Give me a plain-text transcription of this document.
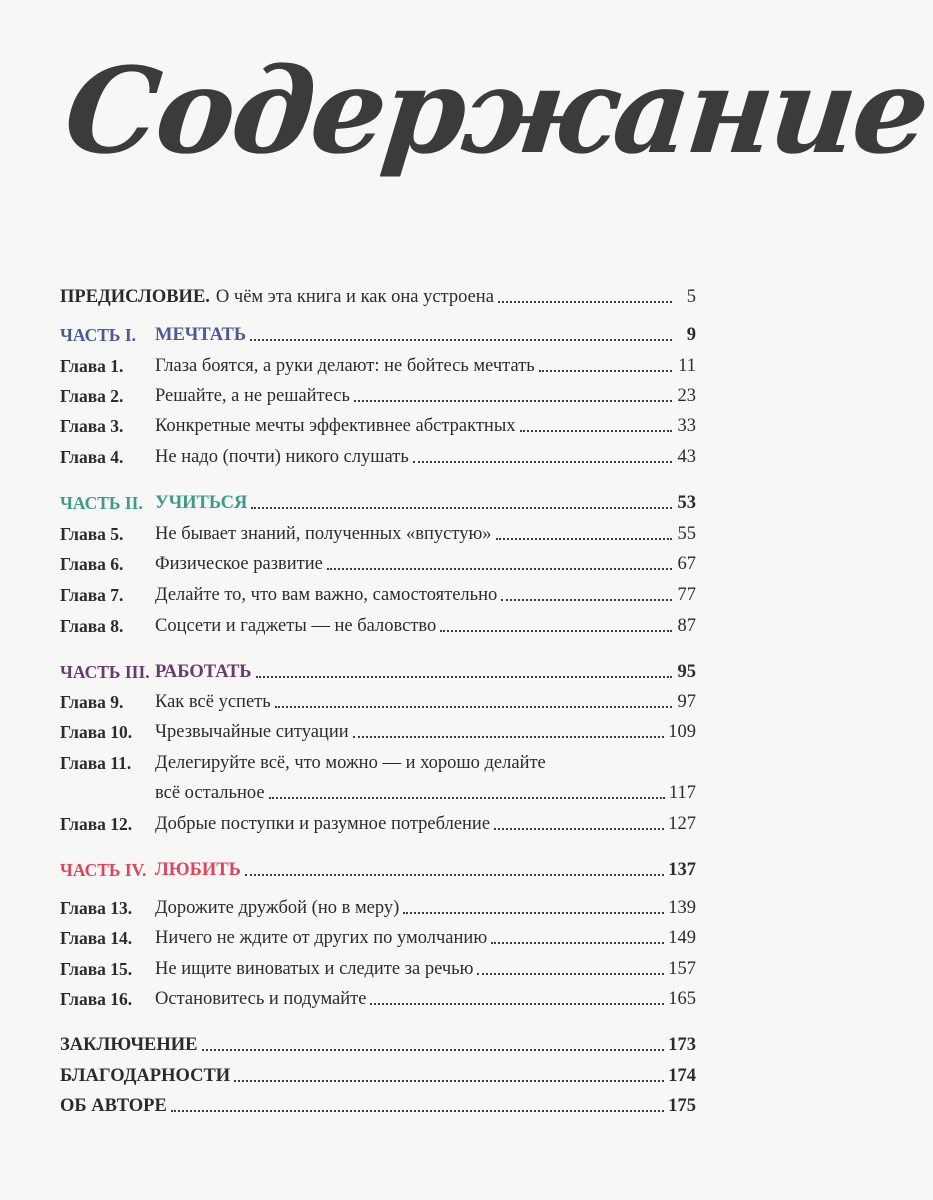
Содержание
ПРЕДИСЛОВИЕ. О чём эта книга и как она устроена	5
ЧАСТЬ I.	МЕЧТАТЬ	9
Глава 1.	Глаза боятся, а руки делают: не бойтесь мечтать	11
Глава 2.	Решайте, а не решайтесь	23
Глава 3.	Конкретные мечты эффективнее абстрактных	33
Глава 4.	Не надо (почти) никого слушать	43
ЧАСТЬ II. УЧИТЬСЯ	53
Глава 5.	Не бывает знаний, полученных «впустую»	55
Глава 6.	Физическое развитие	67
Глава 7.	Делайте то, что вам важно, самостоятельно	77
Глава 8.	Соцсети и гаджеты — не баловство	87
ЧАСТЬ III. РАБОТАТЬ	95
Глава 9.	Как всё успеть	97
Глава 10.	Чрезвычайные ситуации	109
Глава 11.	Делегируйте всё, что можно — и хорошо делайте
всё остальное	117
Глава 12.	Добрые поступки и разумное потребление	127
ЧАСТЬ IV. ЛЮБИТЬ	137
Глава 13.	Дорожите дружбой (но в меру)	139
Глава 14.	Ничего не ждите от других по умолчанию	149
Глава 15.	Не ищите виноватых и следите за речью	157
Глава 16.	Остановитесь и подумайте	165
ЗАКЛЮЧЕНИЕ	173
БЛАГОДАРНОСТИ	174
ОБ АВТОРЕ	175
